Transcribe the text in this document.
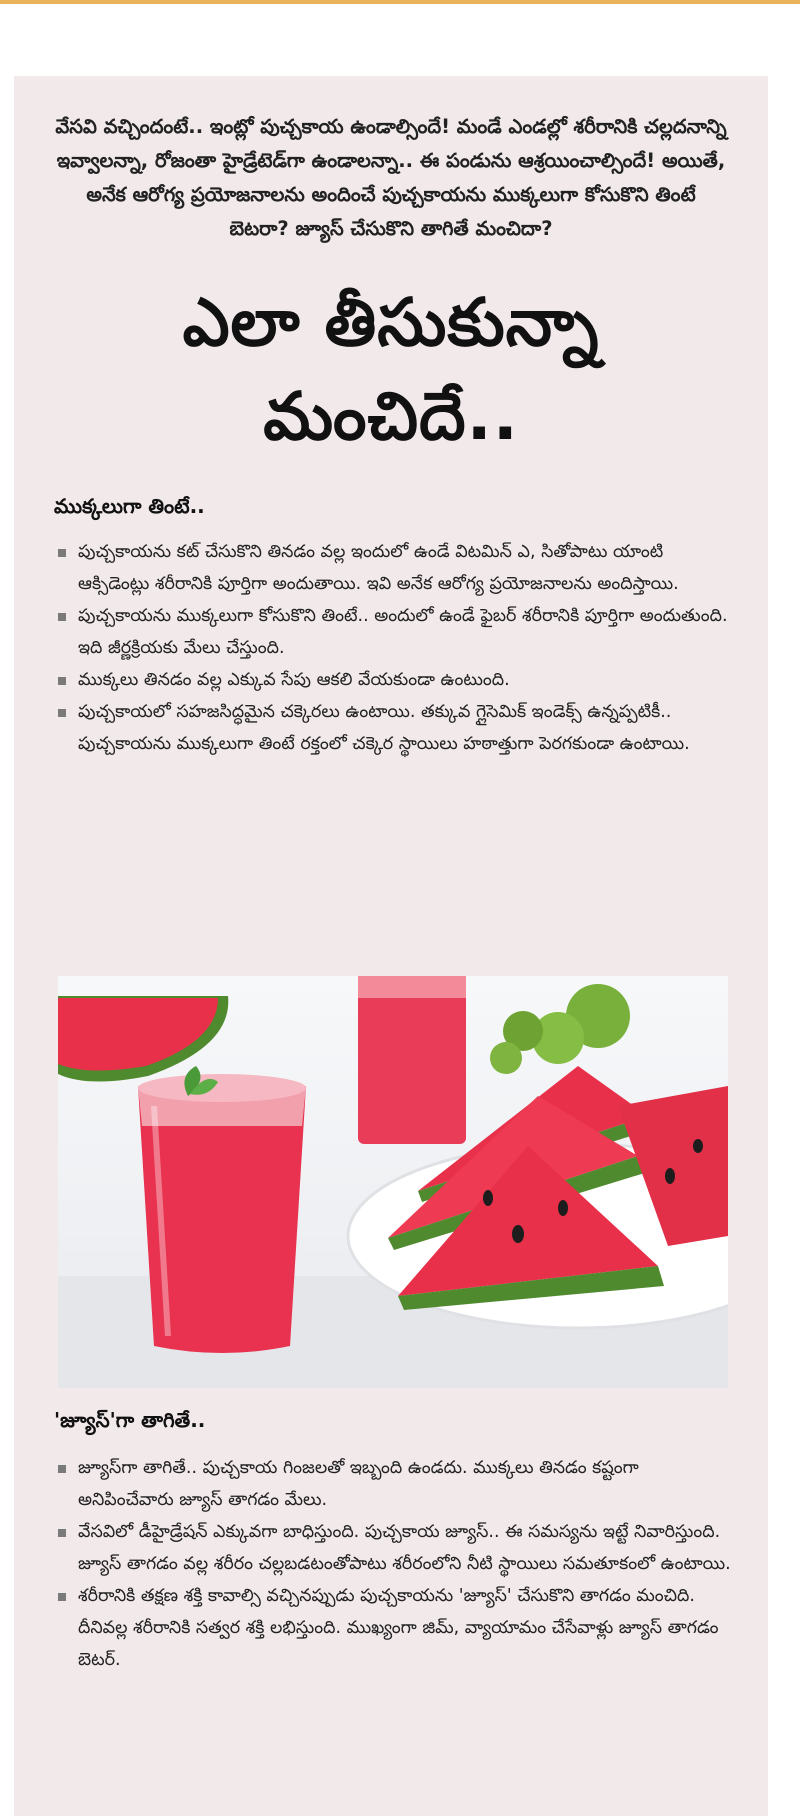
వేసవి వచ్చిందంటే.. ఇంట్లో పుచ్చకాయ ఉండాల్సిందే! మండే ఎండల్లో శరీరానికి చల్లదనాన్ని ఇవ్వాలన్నా, రోజంతా హైడ్రేటెడ్‌గా ఉండాలన్నా.. ఈ పండును ఆశ్రయించాల్సిందే! అయితే, అనేక ఆరోగ్య ప్రయోజనాలను అందించే పుచ్చకాయను ముక్కలుగా కోసుకొని తింటే బెటరా? జ్యూస్ చేసుకొని తాగితే మంచిదా?
ఎలా తీసుకున్నా
మంచిదే..
ముక్కలుగా తింటే..
పుచ్చకాయను కట్ చేసుకొని తినడం వల్ల ఇందులో ఉండే విటమిన్ ఎ, సితోపాటు యాంటి ఆక్సిడెంట్లు శరీరానికి పూర్తిగా అందుతాయి. ఇవి అనేక ఆరోగ్య ప్రయోజనాలను అందిస్తాయి.
పుచ్చకాయను ముక్కలుగా కోసుకొని తింటే.. అందులో ఉండే ఫైబర్ శరీరానికి పూర్తిగా అందుతుంది. ఇది జీర్ణక్రియకు మేలు చేస్తుంది.
ముక్కలు తినడం వల్ల ఎక్కువ సేపు ఆకలి వేయకుండా ఉంటుంది.
పుచ్చకాయలో సహజసిద్ధమైన చక్కెరలు ఉంటాయి. తక్కువ గ్లైసెమిక్ ఇండెక్స్ ఉన్నప్పటికీ.. పుచ్చకాయను ముక్కలుగా తింటే రక్తంలో చక్కెర స్థాయిలు హఠాత్తుగా పెరగకుండా ఉంటాయి.
'జ్యూస్'గా తాగితే..
జ్యూస్‌గా తాగితే.. పుచ్చకాయ గింజలతో ఇబ్బంది ఉండదు. ముక్కలు తినడం కష్టంగా అనిపించేవారు జ్యూస్ తాగడం మేలు.
వేసవిలో డీహైడ్రేషన్ ఎక్కువగా బాధిస్తుంది. పుచ్చకాయ జ్యూస్.. ఈ సమస్యను ఇట్టే నివారిస్తుంది. జ్యూస్ తాగడం వల్ల శరీరం చల్లబడటంతోపాటు శరీరంలోని నీటి స్థాయిలు సమతూకంలో ఉంటాయి.
శరీరానికి తక్షణ శక్తి కావాల్సి వచ్చినప్పుడు పుచ్చకాయను 'జ్యూస్' చేసుకొని తాగడం మంచిది. దీనివల్ల శరీరానికి సత్వర శక్తి లభిస్తుంది. ముఖ్యంగా జిమ్, వ్యాయామం చేసేవాళ్లు జ్యూస్ తాగడం బెటర్.
